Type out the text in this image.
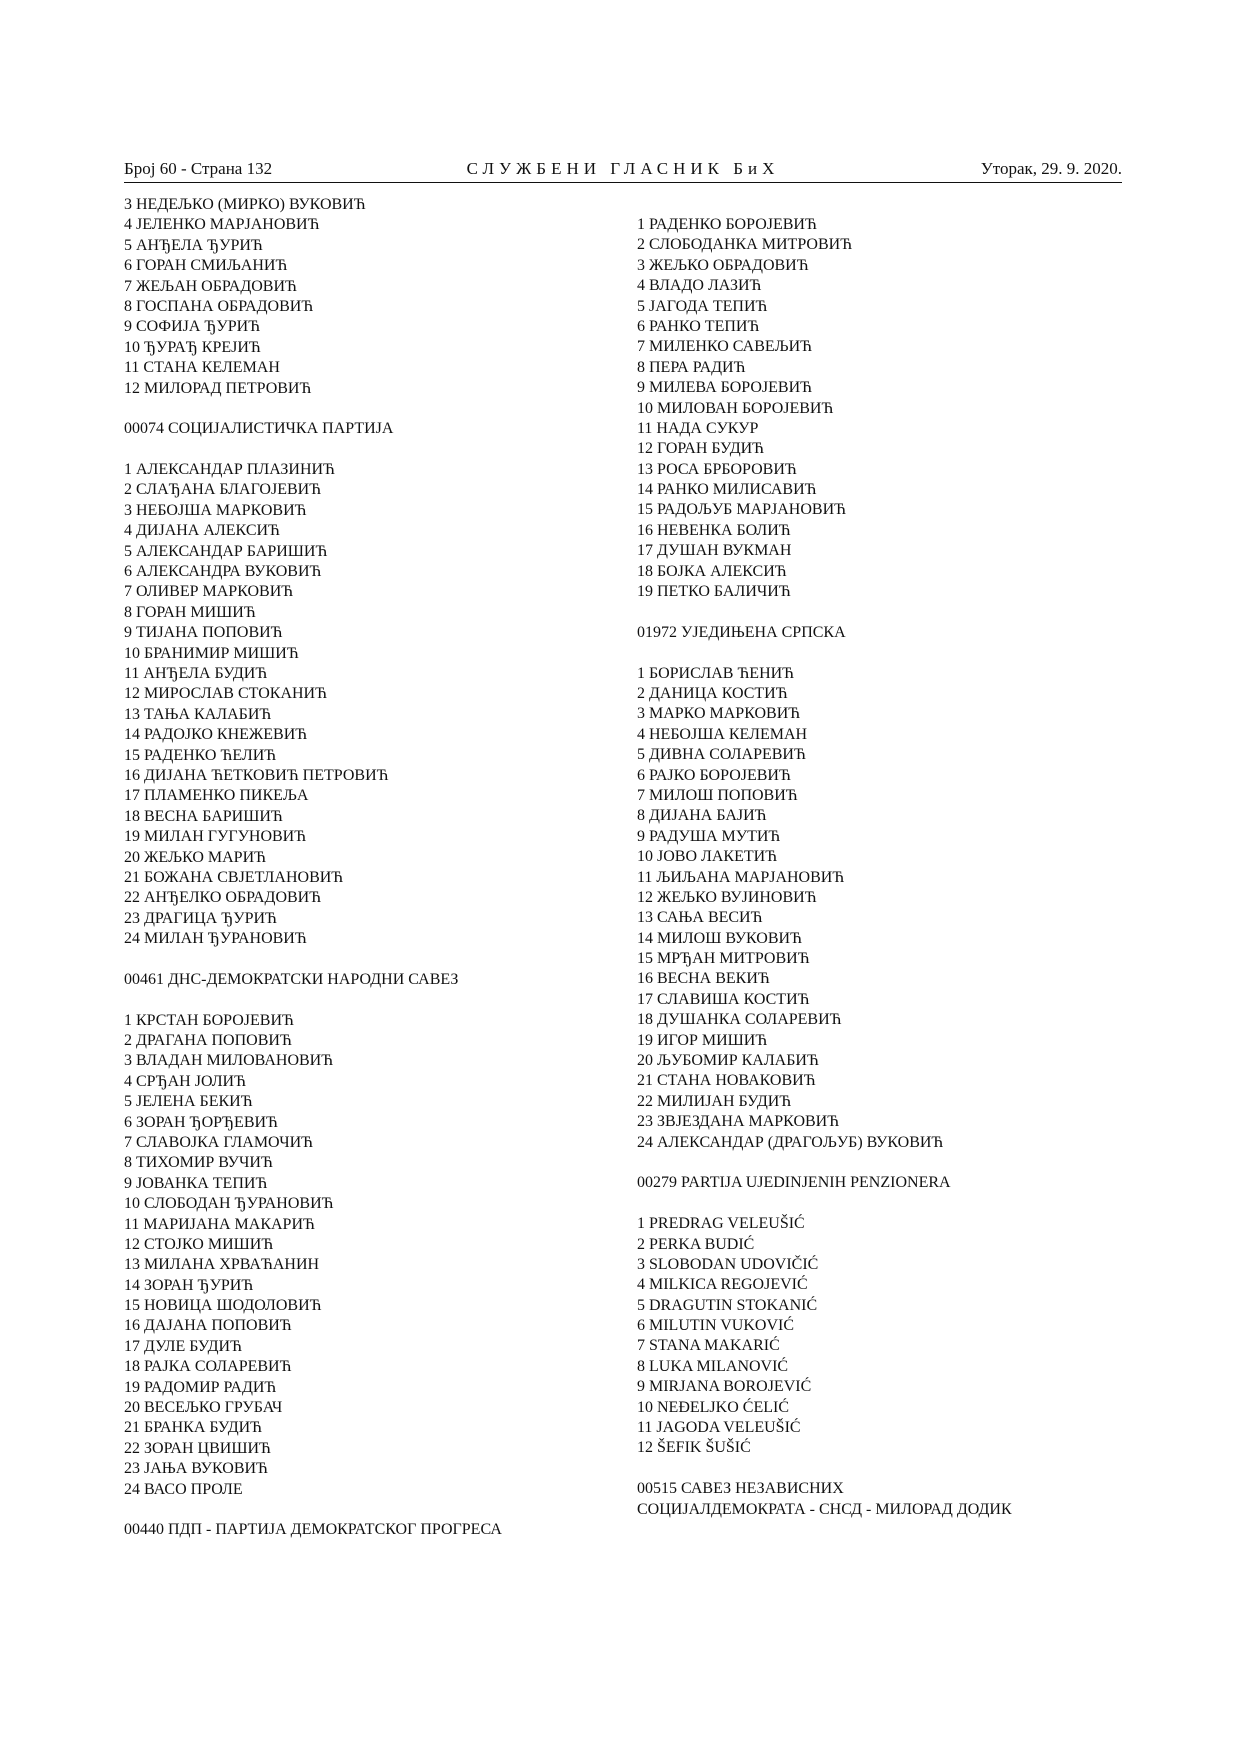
Број 60 - Страна 132	СЛУЖБЕНИ ГЛАСНИК БиХ	Уторак, 29. 9. 2020.
3 НЕДЕЉКО (МИРКО) ВУКОВИЋ
4 ЈЕЛЕНКО МАРЈАНОВИЋ
5 АНЂЕЛА ЂУРИЋ
6 ГОРАН СМИЉАНИЋ
7 ЖЕЉАН ОБРАДОВИЋ
8 ГОСПАНА ОБРАДОВИЋ
9 СОФИЈА ЂУРИЋ
10 ЂУРАЂ КРЕЈИЋ
11 СТАНА КЕЛЕМАН
12 МИЛОРАД ПЕТРОВИЋ
00074 СОЦИЈАЛИСТИЧКА ПАРТИЈА
1 АЛЕКСАНДАР ПЛАЗИНИЋ
2 СЛАЂАНА БЛАГОЈЕВИЋ
3 НЕБОЈША МАРКОВИЋ
4 ДИЈАНА АЛЕКСИЋ
5 АЛЕКСАНДАР БАРИШИЋ
6 АЛЕКСАНДРА ВУКОВИЋ
7 ОЛИВЕР МАРКОВИЋ
8 ГОРАН МИШИЋ
9 ТИЈАНА ПОПОВИЋ
10 БРАНИМИР МИШИЋ
11 АНЂЕЛА БУДИЋ
12 МИРОСЛАВ СТОКАНИЋ
13 ТАЊА КАЛАБИЋ
14 РАДОЈКО КНЕЖЕВИЋ
15 РАДЕНКО ЋЕЛИЋ
16 ДИЈАНА ЋЕТКОВИЋ ПЕТРОВИЋ
17 ПЛАМЕНКО ПИКЕЉА
18 ВЕСНА БАРИШИЋ
19 МИЛАН ГУГУНОВИЋ
20 ЖЕЉКО МАРИЋ
21 БОЖАНА СВЈЕТЛАНОВИЋ
22 АНЂЕЛКО ОБРАДОВИЋ
23 ДРАГИЦА ЂУРИЋ
24 МИЛАН ЂУРАНОВИЋ
00461 ДНС-ДЕМОКРАТСКИ НАРОДНИ САВЕЗ
1 КРСТАН БОРОЈЕВИЋ
2 ДРАГАНА ПОПОВИЋ
3 ВЛАДАН МИЛОВАНОВИЋ
4 СРЂАН ЈОЛИЋ
5 ЈЕЛЕНА БЕКИЋ
6 ЗОРАН ЂОРЂЕВИЋ
7 СЛАВОЈКА ГЛАМОЧИЋ
8 ТИХОМИР ВУЧИЋ
9 ЈОВАНКА ТЕПИЋ
10 СЛОБОДАН ЂУРАНОВИЋ
11 МАРИЈАНА МАКАРИЋ
12 СТОЈКО МИШИЋ
13 МИЛАНА ХРВАЋАНИН
14 ЗОРАН ЂУРИЋ
15 НОВИЦА ШОДОЛОВИЋ
16 ДАЈАНА ПОПОВИЋ
17 ДУЛЕ БУДИЋ
18 РАЈКА СОЛАРЕВИЋ
19 РАДОМИР РАДИЋ
20 ВЕСЕЉКО ГРУБАЧ
21 БРАНКА БУДИЋ
22 ЗОРАН ЦВИШИЋ
23 ЈАЊА ВУКОВИЋ
24 ВАСО ПРОЛЕ
00440 ПДП - ПАРТИЈА ДЕМОКРАТСКОГ ПРОГРЕСА
1 РАДЕНКО БОРОЈЕВИЋ
2 СЛОБОДАНКА МИТРОВИЋ
3 ЖЕЉКО ОБРАДОВИЋ
4 ВЛАДО ЛАЗИЋ
5 ЈАГОДА ТЕПИЋ
6 РАНКО ТЕПИЋ
7 МИЛЕНКО САВЕЉИЋ
8 ПЕРА РАДИЋ
9 МИЛЕВА БОРОЈЕВИЋ
10 МИЛОВАН БОРОЈЕВИЋ
11 НАДА СУКУР
12 ГОРАН БУДИЋ
13 РОСА БРБОРОВИЋ
14 РАНКО МИЛИСАВИЋ
15 РАДОЉУБ МАРЈАНОВИЋ
16 НЕВЕНКА БОЛИЋ
17 ДУШАН ВУКМАН
18 БОЈКА АЛЕКСИЋ
19 ПЕТКО БАЛИЧИЋ
01972 УЈЕДИЊЕНА СРПСКА
1 БОРИСЛАВ ЋЕНИЋ
2 ДАНИЦА КОСТИЋ
3 МАРКО МАРКОВИЋ
4 НЕБОЈША КЕЛЕМАН
5 ДИВНА СОЛАРЕВИЋ
6 РАЈКО БОРОЈЕВИЋ
7 МИЛОШ ПОПОВИЋ
8 ДИЈАНА БАЈИЋ
9 РАДУША МУТИЋ
10 ЈОВО ЛАКЕТИЋ
11 ЉИЉАНА МАРЈАНОВИЋ
12 ЖЕЉКО ВУЈИНОВИЋ
13 САЊА ВЕСИЋ
14 МИЛОШ ВУКОВИЋ
15 МРЂАН МИТРОВИЋ
16 ВЕСНА ВЕКИЋ
17 СЛАВИША КОСТИЋ
18 ДУШАНКА СОЛАРЕВИЋ
19 ИГОР МИШИЋ
20 ЉУБОМИР КАЛАБИЋ
21 СТАНА НОВАКОВИЋ
22 МИЛИЈАН БУДИЋ
23 ЗВЈЕЗДАНА МАРКОВИЋ
24 АЛЕКСАНДАР (ДРАГОЉУБ) ВУКОВИЋ
00279 PARTIJA UJEDINJENIH PENZIONERA
1 PREDRAG VELEUŠIĆ
2 PERKA BUDIĆ
3 SLOBODAN UDOVIČIĆ
4 MILKICA REGOJEVIĆ
5 DRAGUTIN STOKANIĆ
6 MILUTIN VUKOVIĆ
7 STANA MAKARIĆ
8 LUKA MILANOVIĆ
9 MIRJANA BOROJEVIĆ
10 NEĐELJKO ĆELIĆ
11 JAGODA VELEUŠIĆ
12 ŠEFIK ŠUŠIĆ
00515 САВЕЗ НЕЗАВИСНИХ
СОЦИЈАЛДЕМОКРАТА - СНСД - МИЛОРАД ДОДИК
